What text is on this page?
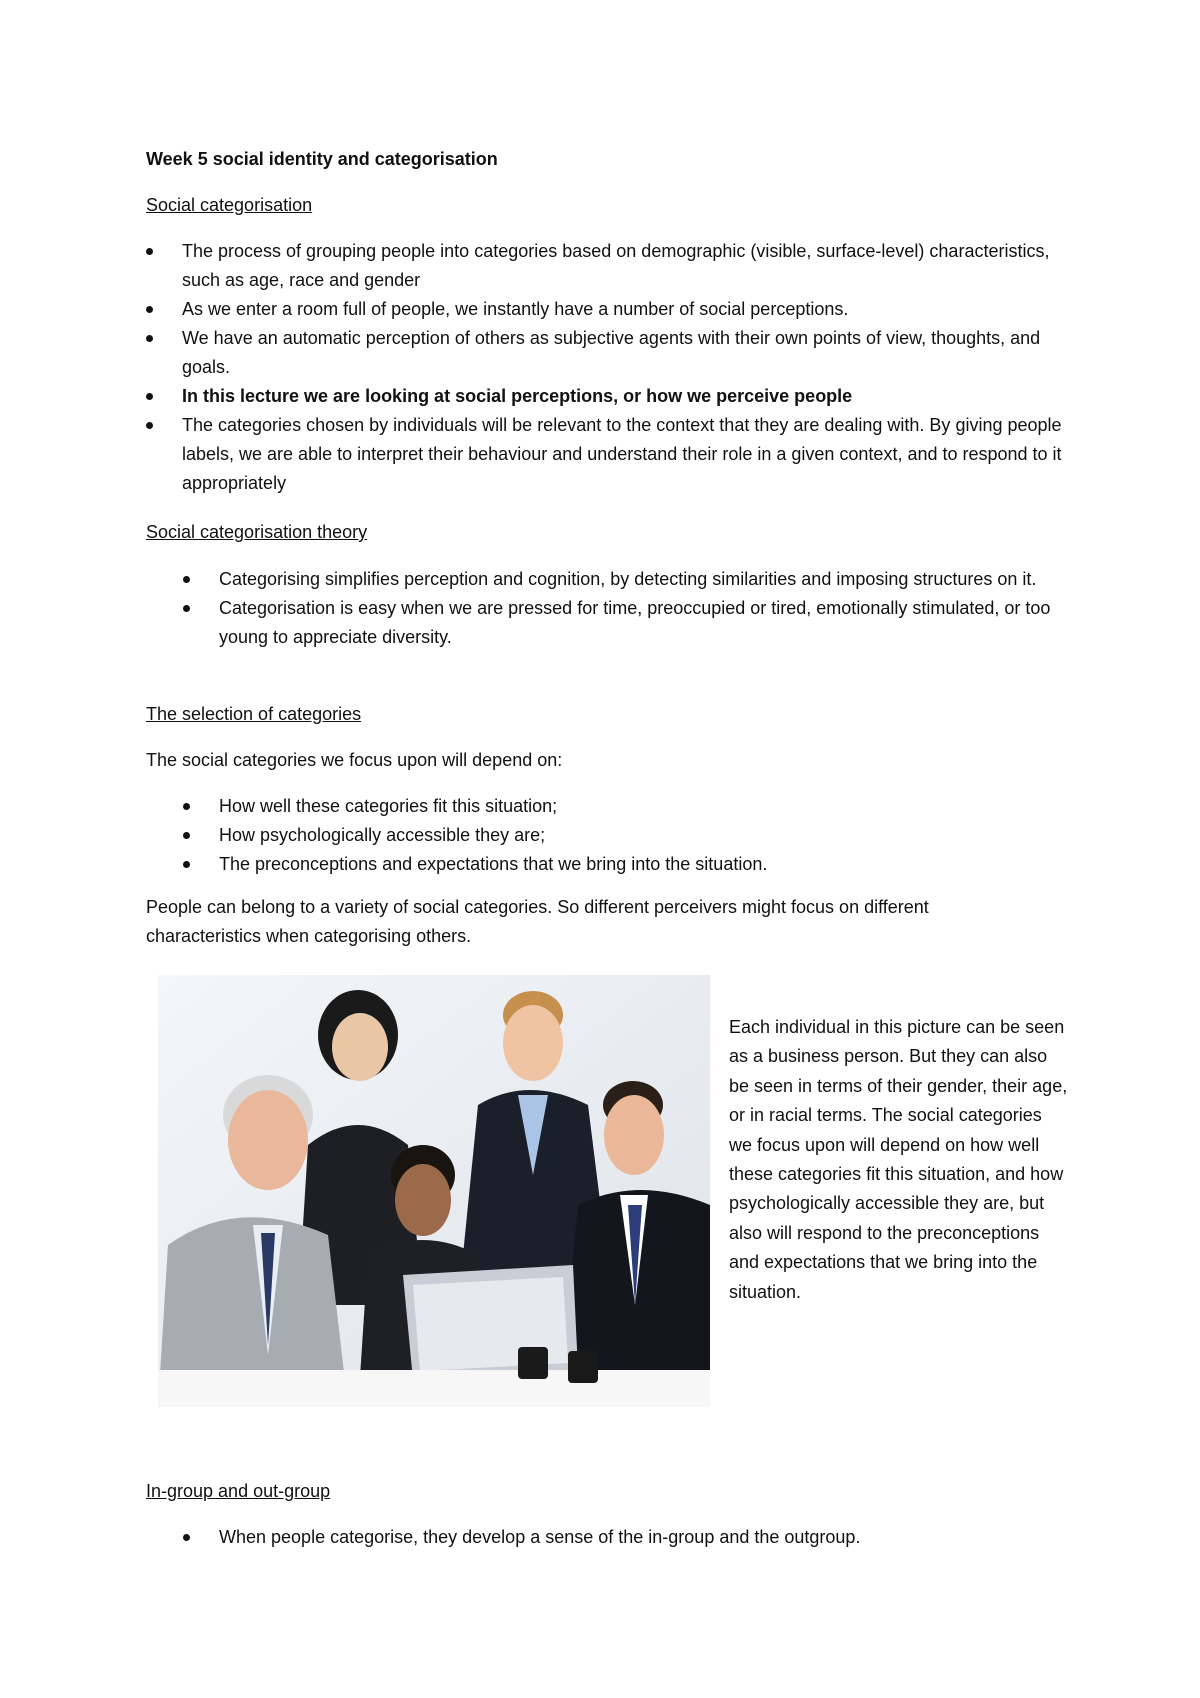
Week 5 social identity and categorisation
Social categorisation
The process of grouping people into categories based on demographic (visible, surface-level) characteristics, such as age, race and gender
As we enter a room full of people, we instantly have a number of social perceptions.
We have an automatic perception of others as subjective agents with their own points of view, thoughts, and goals.
In this lecture we are looking at social perceptions, or how we perceive people
The categories chosen by individuals will be relevant to the context that they are dealing with. By giving people labels, we are able to interpret their behaviour and understand their role in a given context, and to respond to it appropriately
Social categorisation theory
Categorising simplifies perception and cognition, by detecting similarities and imposing structures on it.
Categorisation is easy when we are pressed for time, preoccupied or tired, emotionally stimulated, or too young to appreciate diversity.
The selection of categories
The social categories we focus upon will depend on:
How well these categories fit this situation;
How psychologically accessible they are;
The preconceptions and expectations that we bring into the situation.
People can belong to a variety of social categories. So different perceivers might focus on different
characteristics when categorising others.
Each individual in this picture can be seen as a business person. But they can also be seen in terms of their gender, their age, or in racial terms. The social categories we focus upon will depend on how well these categories fit this situation, and how psychologically accessible they are, but also will respond to the preconceptions and expectations that we bring into the situation.
In-group and out-group
When people categorise, they develop a sense of the in-group and the outgroup.
